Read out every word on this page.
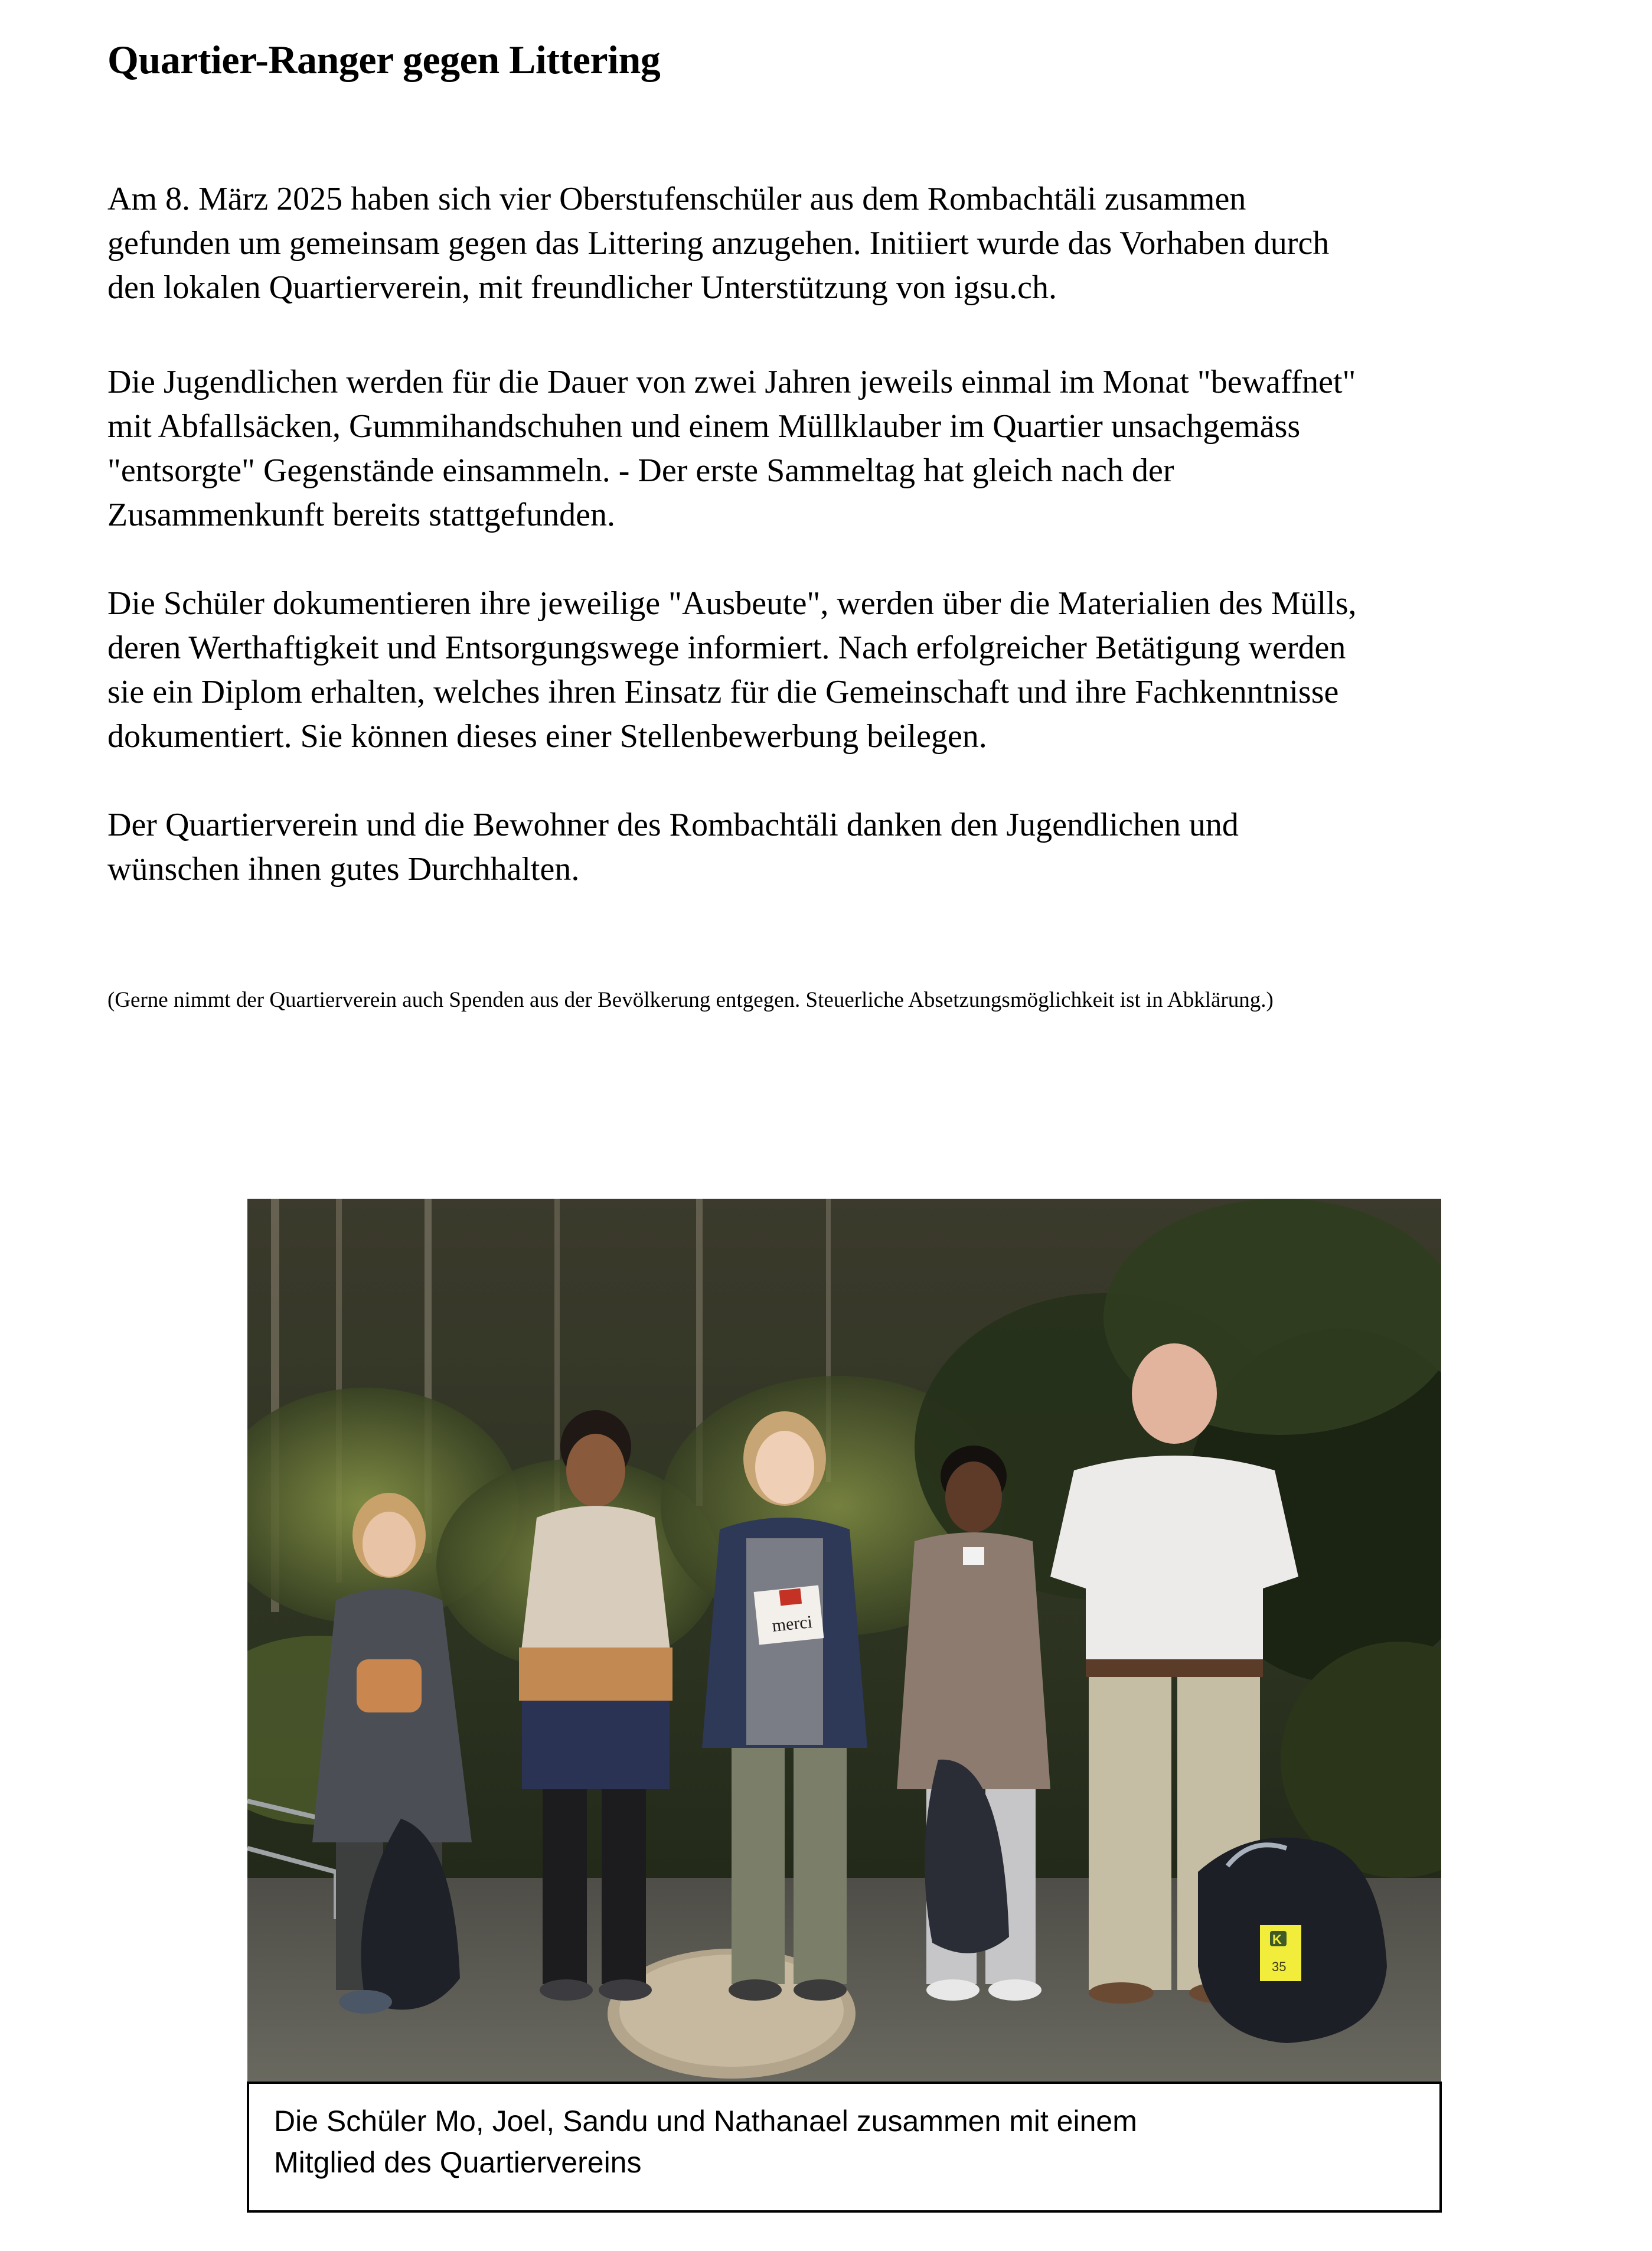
Quartier-Ranger gegen Littering

Am 8. März 2025 haben sich vier Oberstufenschüler aus dem Rombachtäli zusammen
gefunden um gemeinsam gegen das Littering anzugehen. Initiiert wurde das Vorhaben durch
den lokalen Quartierverein, mit freundlicher Unterstützung von igsu.ch.

Die Jugendlichen werden für die Dauer von zwei Jahren jeweils einmal im Monat "bewaffnet"
mit Abfallsäcken, Gummihandschuhen und einem Müllklauber im Quartier unsachgemäss
"entsorgte" Gegenstände einsammeln. - Der erste Sammeltag hat gleich nach der
Zusammenkunft bereits stattgefunden.

Die Schüler dokumentieren ihre jeweilige "Ausbeute", werden über die Materialien des Mülls,
deren Werthaftigkeit und Entsorgungswege informiert. Nach erfolgreicher Betätigung werden
sie ein Diplom erhalten, welches ihren Einsatz für die Gemeinschaft und ihre Fachkenntnisse
dokumentiert. Sie können dieses einer Stellenbewerbung beilegen.

Der Quartierverein und die Bewohner des Rombachtäli danken den Jugendlichen und
wünschen ihnen gutes Durchhalten.

(Gerne nimmt der Quartierverein auch Spenden aus der Bevölkerung entgegen. Steuerliche Absetzungsmöglichkeit ist in Abklärung.)

merci
K
35
Die Schüler Mo, Joel, Sandu und Nathanael zusammen mit einem
Mitglied des Quartiervereins
